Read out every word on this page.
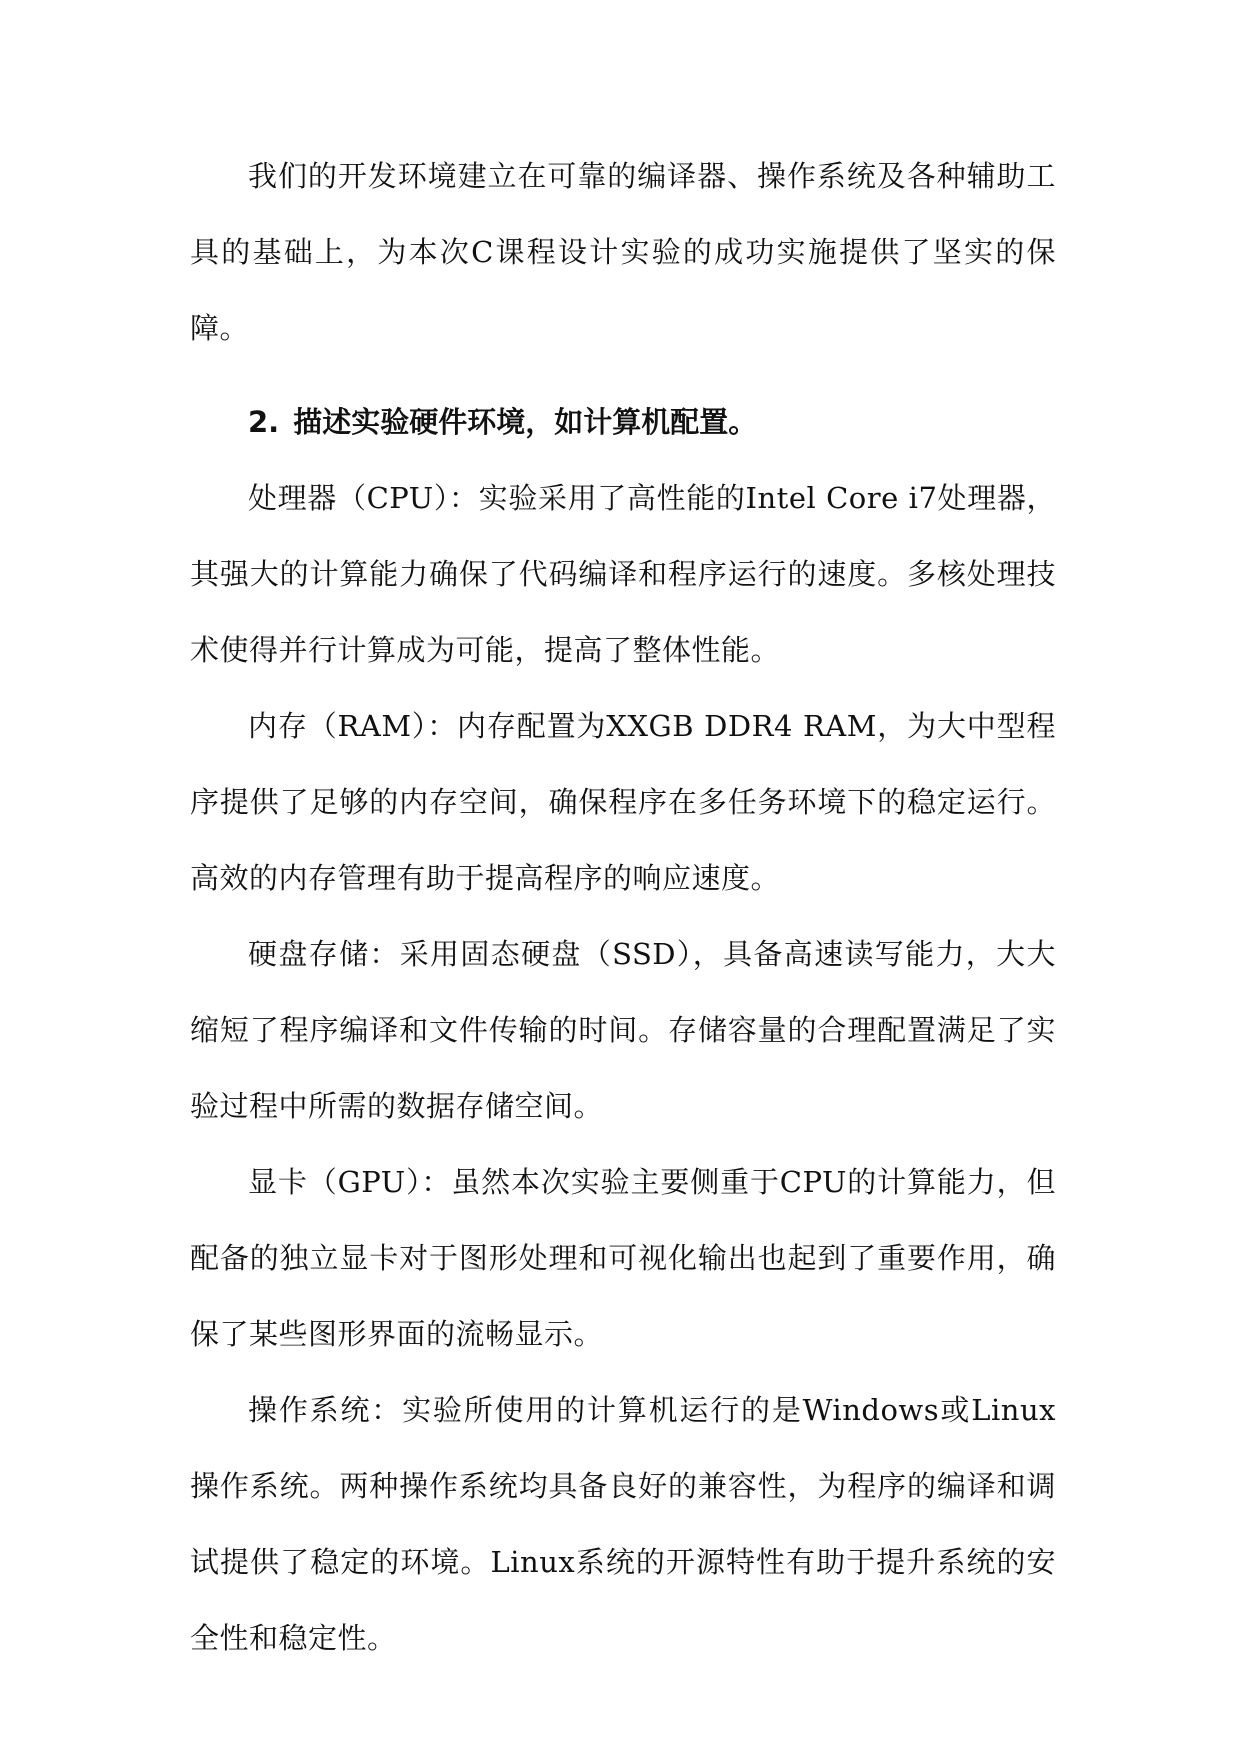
我们的开发环境建立在可靠的编译器、操作系统及各种辅助工具的基础上，为本次C课程设计实验的成功实施提供了坚实的保障。

2. 描述实验硬件环境，如计算机配置。

处理器（CPU）：实验采用了高性能的Intel Core i7处理器，其强大的计算能力确保了代码编译和程序运行的速度。多核处理技术使得并行计算成为可能，提高了整体性能。

内存（RAM）：内存配置为XXGB DDR4 RAM，为大中型程序提供了足够的内存空间，确保程序在多任务环境下的稳定运行。高效的内存管理有助于提高程序的响应速度。

硬盘存储：采用固态硬盘（SSD），具备高速读写能力，大大缩短了程序编译和文件传输的时间。存储容量的合理配置满足了实验过程中所需的数据存储空间。

显卡（GPU）：虽然本次实验主要侧重于CPU的计算能力，但配备的独立显卡对于图形处理和可视化输出也起到了重要作用，确保了某些图形界面的流畅显示。

操作系统：实验所使用的计算机运行的是Windows或Linux操作系统。两种操作系统均具备良好的兼容性，为程序的编译和调试提供了稳定的环境。Linux系统的开源特性有助于提升系统的安全性和稳定性。
